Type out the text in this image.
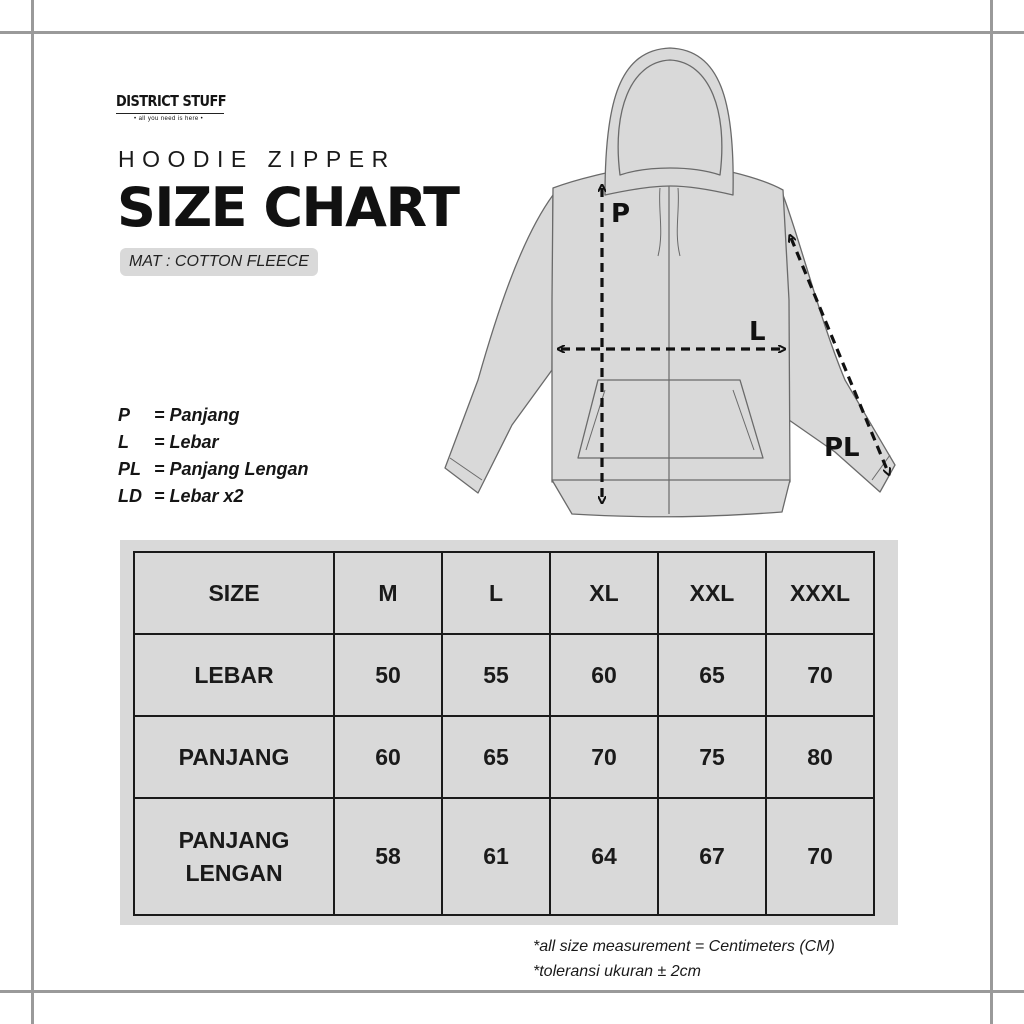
DISTRICT STUFF
• all you need is here •
HOODIE ZIPPER
SIZE CHART
MAT : COTTON FLEECE
P	= Panjang
L	= Lebar
PL = Panjang Lengan
LD = Lebar x2
P
L
PL
SIZE	M	L	XL	XXL	XXXL
LEBAR	50	55	60	65	70
PANJANG	60	65	70	75	80
PANJANG LENGAN	58	61	64	67	70
*all size measurement = Centimeters (CM)
*toleransi ukuran ± 2cm
